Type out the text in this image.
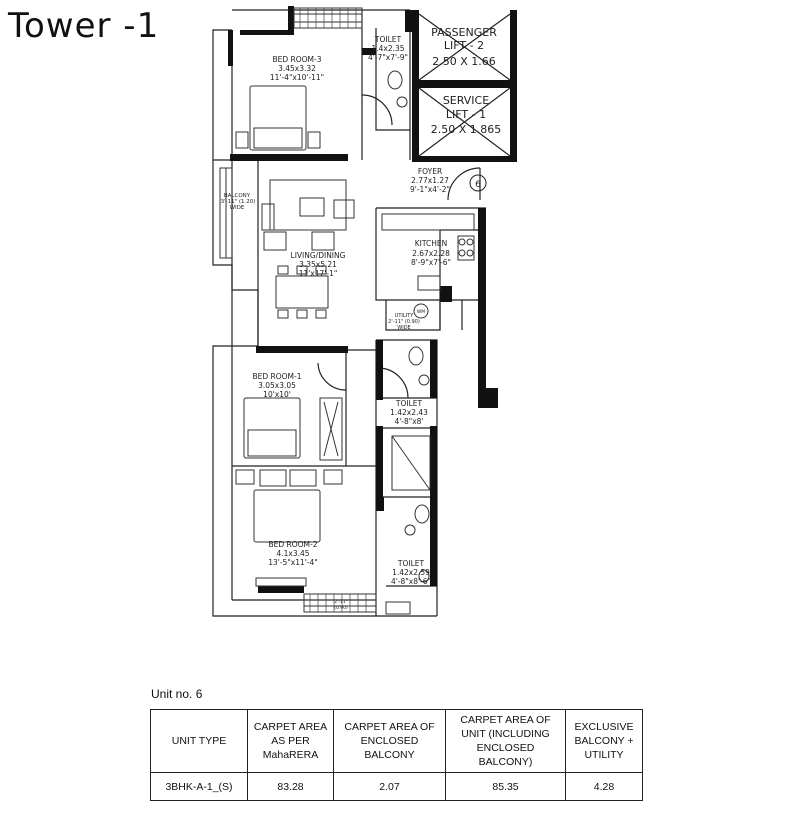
Tower -1
BED ROOM-3
3.45x3.32
11'-4"x10'-11"
TOILET
1.4x2.35
4'-7"x7'-9"
PASSENGER
LIFT - 2
2.50 X 1.66
SERVICE
LIFT - 1
2.50 X 1.865
FOYER
2.77x1.27
9'-1"x4'-2"	6
BALCONY
3'-11" (1.20)
WIDE
KITCHEN
2.67x2.28
8'-9"x7'-6"
LIVING/DINING
3.35x5.21
11'x17'-1"
UTILITY
2'-11" (0.90)
WIDE
WM
BED ROOM-1
3.05x3.05
10'x10'
TOILET
1.42x2.43
4'-8"x8'
BED ROOM-2
4.1x3.45
13'-5"x11'-4"	TOILET
1.42x2.59
4'-8"x8'-6"
2'-11"
(0.90)
Unit no. 6
UNIT TYPE	CARPET AREA AS PER MahaRERA	CARPET AREA OF ENCLOSED BALCONY	CARPET AREA OF UNIT (INCLUDING ENCLOSED BALCONY)	EXCLUSIVE BALCONY + UTILITY
3BHK-A-1_(S)	83.28	2.07	85.35	4.28
